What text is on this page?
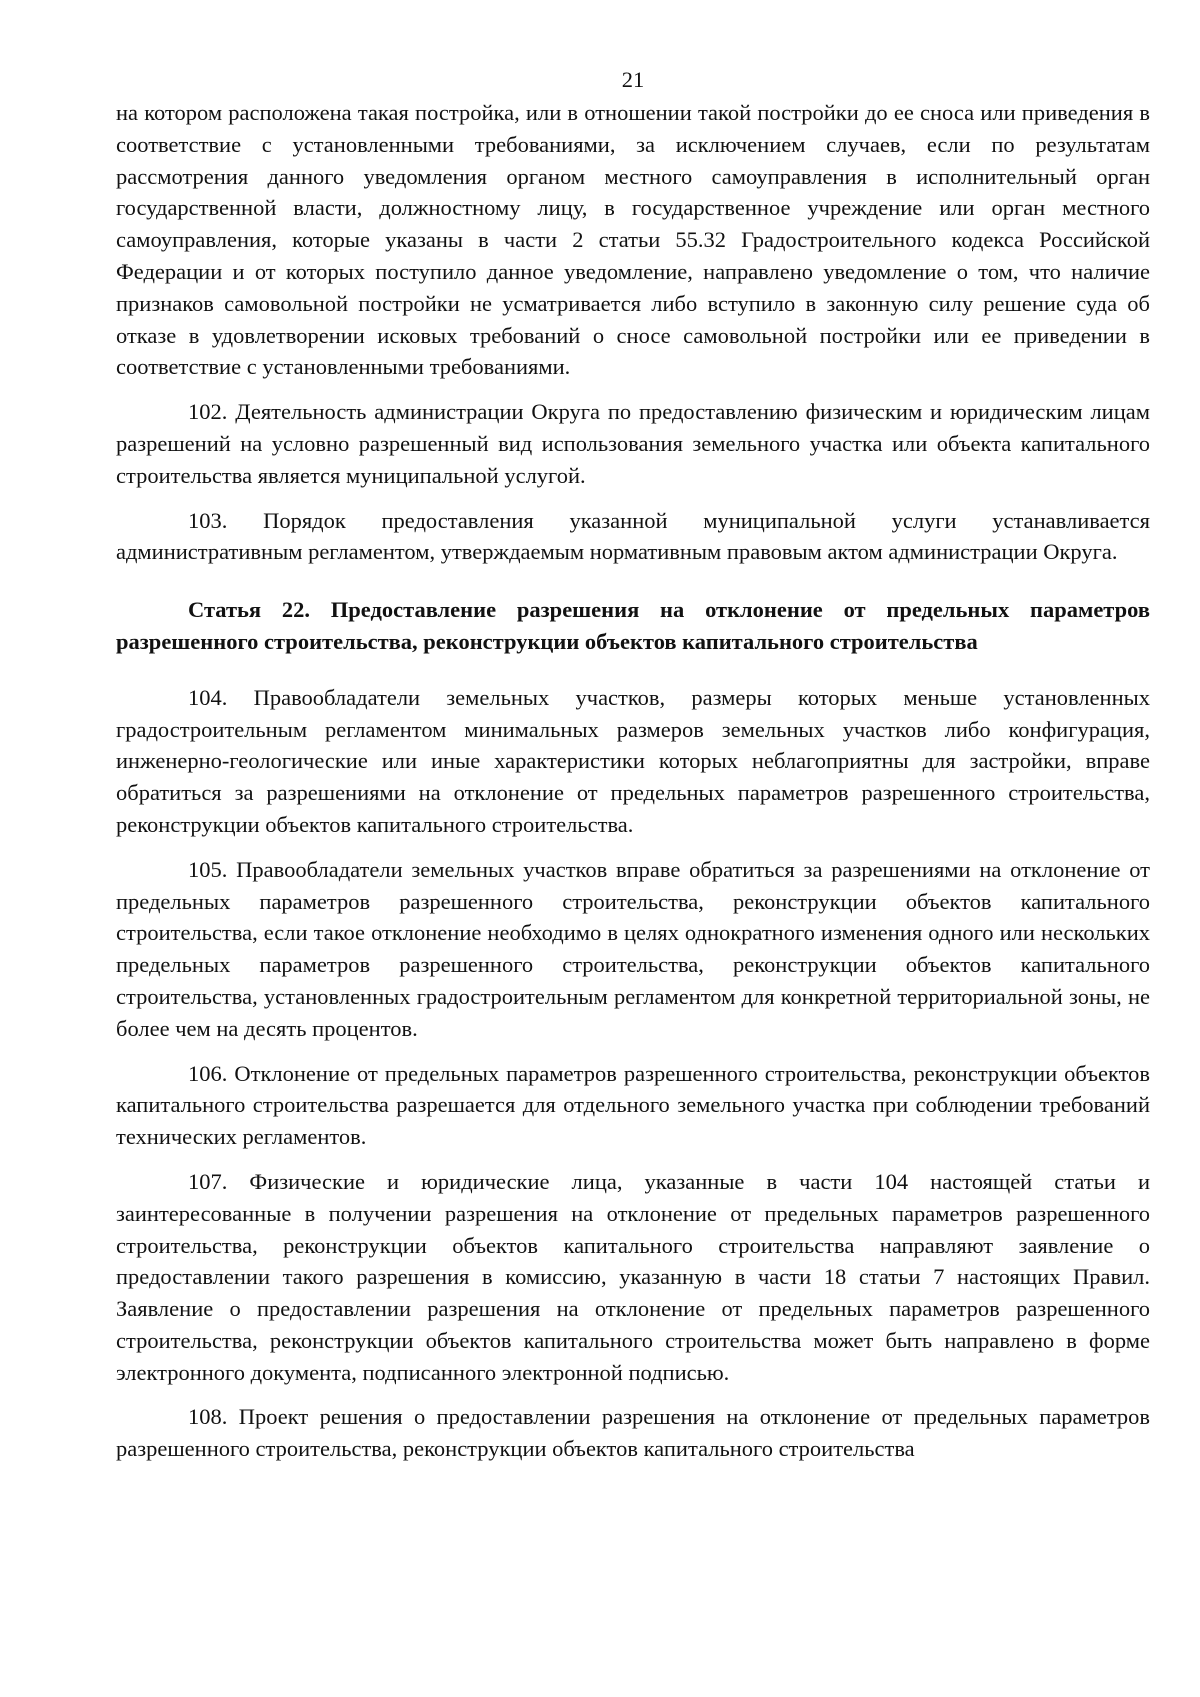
21

на котором расположена такая постройка, или в отношении такой постройки до ее сноса или приведения в соответствие с установленными требованиями, за исключением случаев, если по результатам рассмотрения данного уведомления органом местного самоуправления в исполнительный орган государственной власти, должностному лицу, в государственное учреждение или орган местного самоуправления, которые указаны в части 2 статьи 55.32 Градостроительного кодекса Российской Федерации и от которых поступило данное уведомление, направлено уведомление о том, что наличие признаков самовольной постройки не усматривается либо вступило в законную силу решение суда об отказе в удовлетворении исковых требований о сносе самовольной постройки или ее приведении в соответствие с установленными требованиями.

102. Деятельность администрации Округа по предоставлению физическим и юридическим лицам разрешений на условно разрешенный вид использования земельного участка или объекта капитального строительства является муниципальной услугой.

103. Порядок предоставления указанной муниципальной услуги устанавливается административным регламентом, утверждаемым нормативным правовым актом администрации Округа.

Статья 22. Предоставление разрешения на отклонение от предельных параметров разрешенного строительства, реконструкции объектов капитального строительства

104. Правообладатели земельных участков, размеры которых меньше установленных градостроительным регламентом минимальных размеров земельных участков либо конфигурация, инженерно-геологические или иные характеристики которых неблагоприятны для застройки, вправе обратиться за разрешениями на отклонение от предельных параметров разрешенного строительства, реконструкции объектов капитального строительства.

105. Правообладатели земельных участков вправе обратиться за разрешениями на отклонение от предельных параметров разрешенного строительства, реконструкции объектов капитального строительства, если такое отклонение необходимо в целях однократного изменения одного или нескольких предельных параметров разрешенного строительства, реконструкции объектов капитального строительства, установленных градостроительным регламентом для конкретной территориальной зоны, не более чем на десять процентов.

106. Отклонение от предельных параметров разрешенного строительства, реконструкции объектов капитального строительства разрешается для отдельного земельного участка при соблюдении требований технических регламентов.

107. Физические и юридические лица, указанные в части 104 настоящей статьи и заинтересованные в получении разрешения на отклонение от предельных параметров разрешенного строительства, реконструкции объектов капитального строительства направляют заявление о предоставлении такого разрешения в комиссию, указанную в части 18 статьи 7 настоящих Правил. Заявление о предоставлении разрешения на отклонение от предельных параметров разрешенного строительства, реконструкции объектов капитального строительства может быть направлено в форме электронного документа, подписанного электронной подписью.

108. Проект решения о предоставлении разрешения на отклонение от предельных параметров разрешенного строительства, реконструкции объектов капитального строительства
